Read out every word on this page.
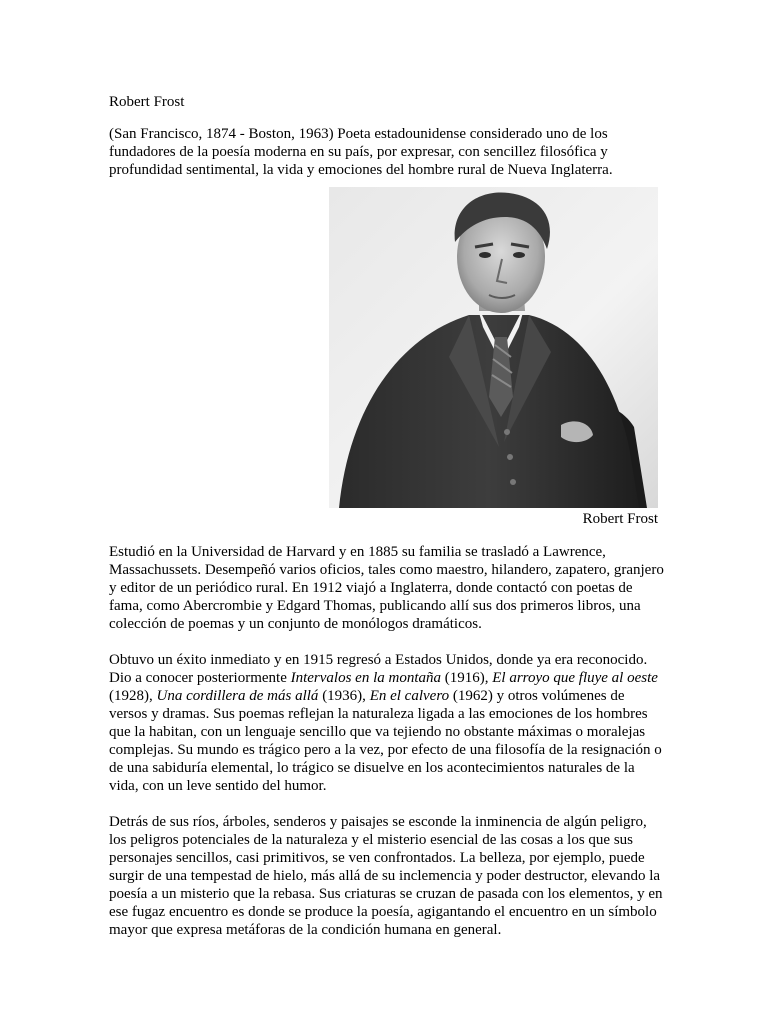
Robert Frost

(San Francisco, 1874 - Boston, 1963) Poeta estadounidense considerado uno de los fundadores de la poesía moderna en su país, por expresar, con sencillez filosófica y profundidad sentimental, la vida y emociones del hombre rural de Nueva Inglaterra.

Robert Frost

Estudió en la Universidad de Harvard y en 1885 su familia se trasladó a Lawrence, Massachussets. Desempeñó varios oficios, tales como maestro, hilandero, zapatero, granjero y editor de un periódico rural. En 1912 viajó a Inglaterra, donde contactó con poetas de fama, como Abercrombie y Edgard Thomas, publicando allí sus dos primeros libros, una colección de poemas y un conjunto de monólogos dramáticos.

Obtuvo un éxito inmediato y en 1915 regresó a Estados Unidos, donde ya era reconocido. Dio a conocer posteriormente Intervalos en la montaña (1916), El arroyo que fluye al oeste (1928), Una cordillera de más allá (1936), En el calvero (1962) y otros volúmenes de versos y dramas. Sus poemas reflejan la naturaleza ligada a las emociones de los hombres que la habitan, con un lenguaje sencillo que va tejiendo no obstante máximas o moralejas complejas. Su mundo es trágico pero a la vez, por efecto de una filosofía de la resignación o de una sabiduría elemental, lo trágico se disuelve en los acontecimientos naturales de la vida, con un leve sentido del humor.

Detrás de sus ríos, árboles, senderos y paisajes se esconde la inminencia de algún peligro, los peligros potenciales de la naturaleza y el misterio esencial de las cosas a los que sus personajes sencillos, casi primitivos, se ven confrontados. La belleza, por ejemplo, puede surgir de una tempestad de hielo, más allá de su inclemencia y poder destructor, elevando la poesía a un misterio que la rebasa. Sus criaturas se cruzan de pasada con los elementos, y en ese fugaz encuentro es donde se produce la poesía, agigantando el encuentro en un símbolo mayor que expresa metáforas de la condición humana en general.
